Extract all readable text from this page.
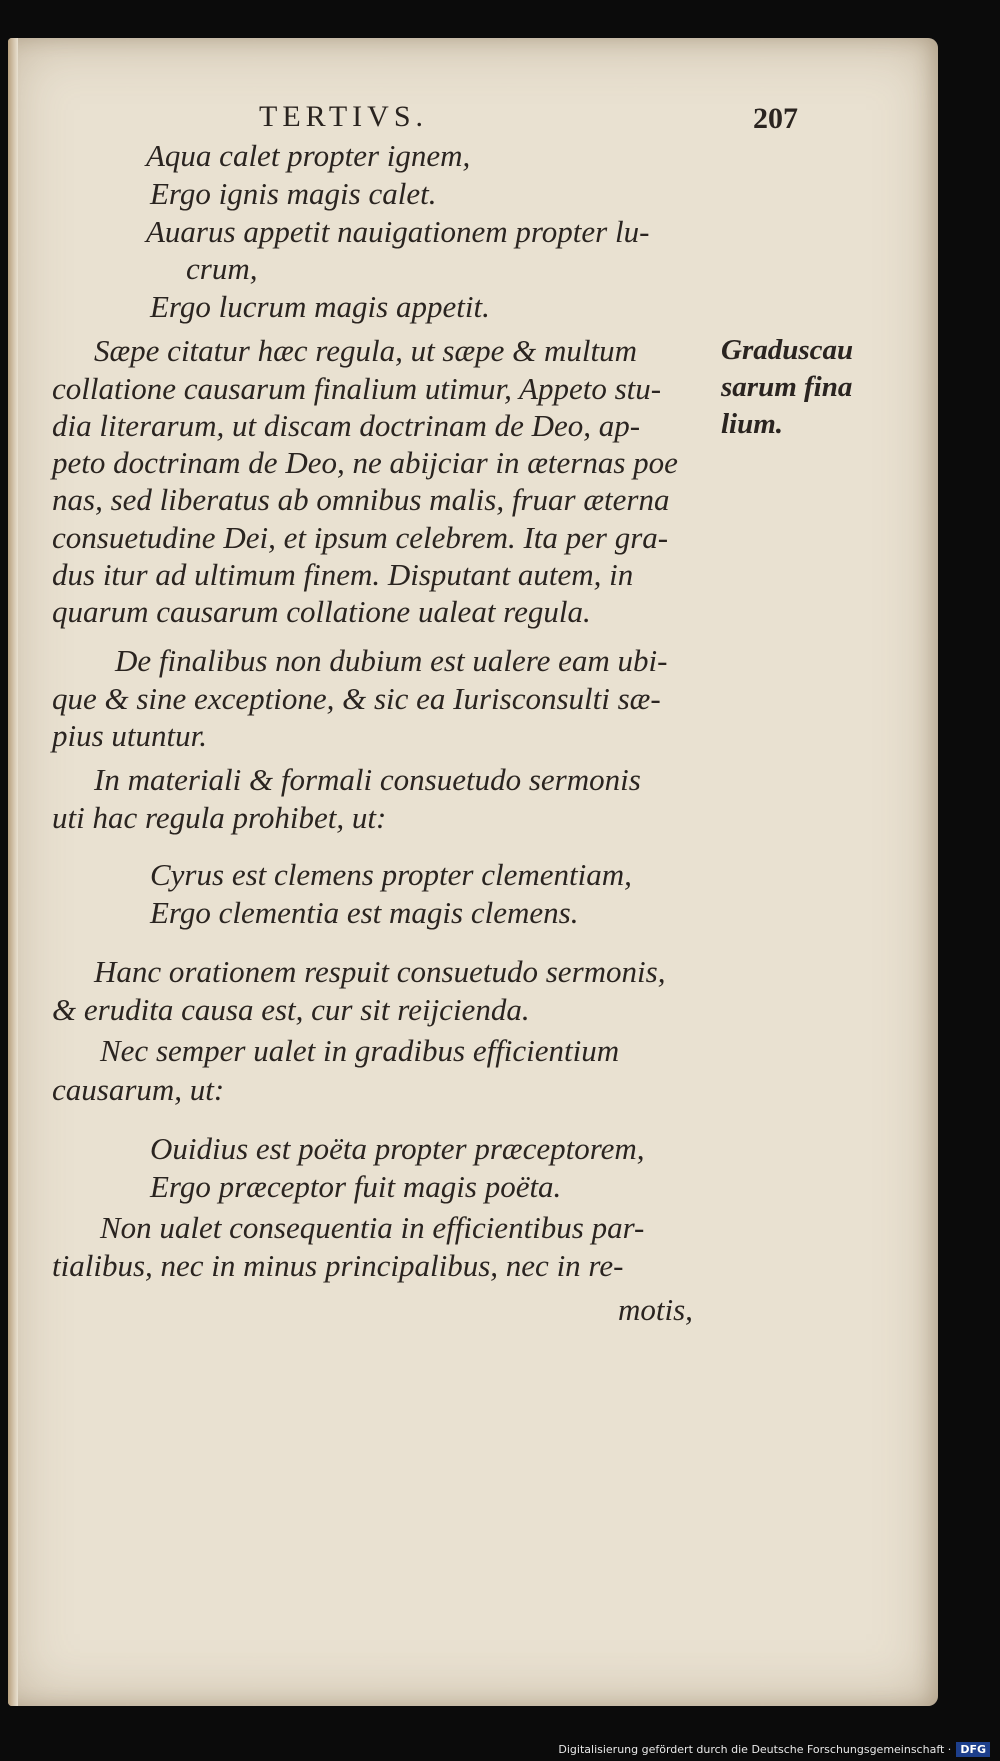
TERTIVS.	207

Aqua calet propter ignem,

Ergo ignis magis calet.

Auarus appetit nauigationem propter lu-

crum,

Ergo lucrum magis appetit.

Sæpe citatur hæc regula, ut sæpe & multum

collatione causarum finalium utimur, Appeto stu-

dia literarum, ut discam doctrinam de Deo, ap-

peto doctrinam de Deo, ne abijciar in æternas poe

nas, sed liberatus ab omnibus malis, fruar æterna

consuetudine Dei, et ipsum celebrem. Ita per gra-

dus itur ad ultimum finem. Disputant autem, in

quarum causarum collatione ualeat regula.

De finalibus non dubium est ualere eam ubi-

que & sine exceptione, & sic ea Iurisconsulti sæ-

pius utuntur.

In materiali & formali consuetudo sermonis

uti hac regula prohibet, ut:

Cyrus est clemens propter clementiam,

Ergo clementia est magis clemens.

Hanc orationem respuit consuetudo sermonis,

& erudita causa est, cur sit reijcienda.

Nec semper ualet in gradibus efficientium

causarum, ut:

Ouidius est poëta propter præceptorem,

Ergo præceptor fuit magis poëta.

Non ualet consequentia in efficientibus par-

tialibus, nec in minus principalibus, nec in re-

motis,

Graduscau
sarum fina
lium.
Digitalisierung gefördert durch die Deutsche Forschungsgemeinschaft · DFG
